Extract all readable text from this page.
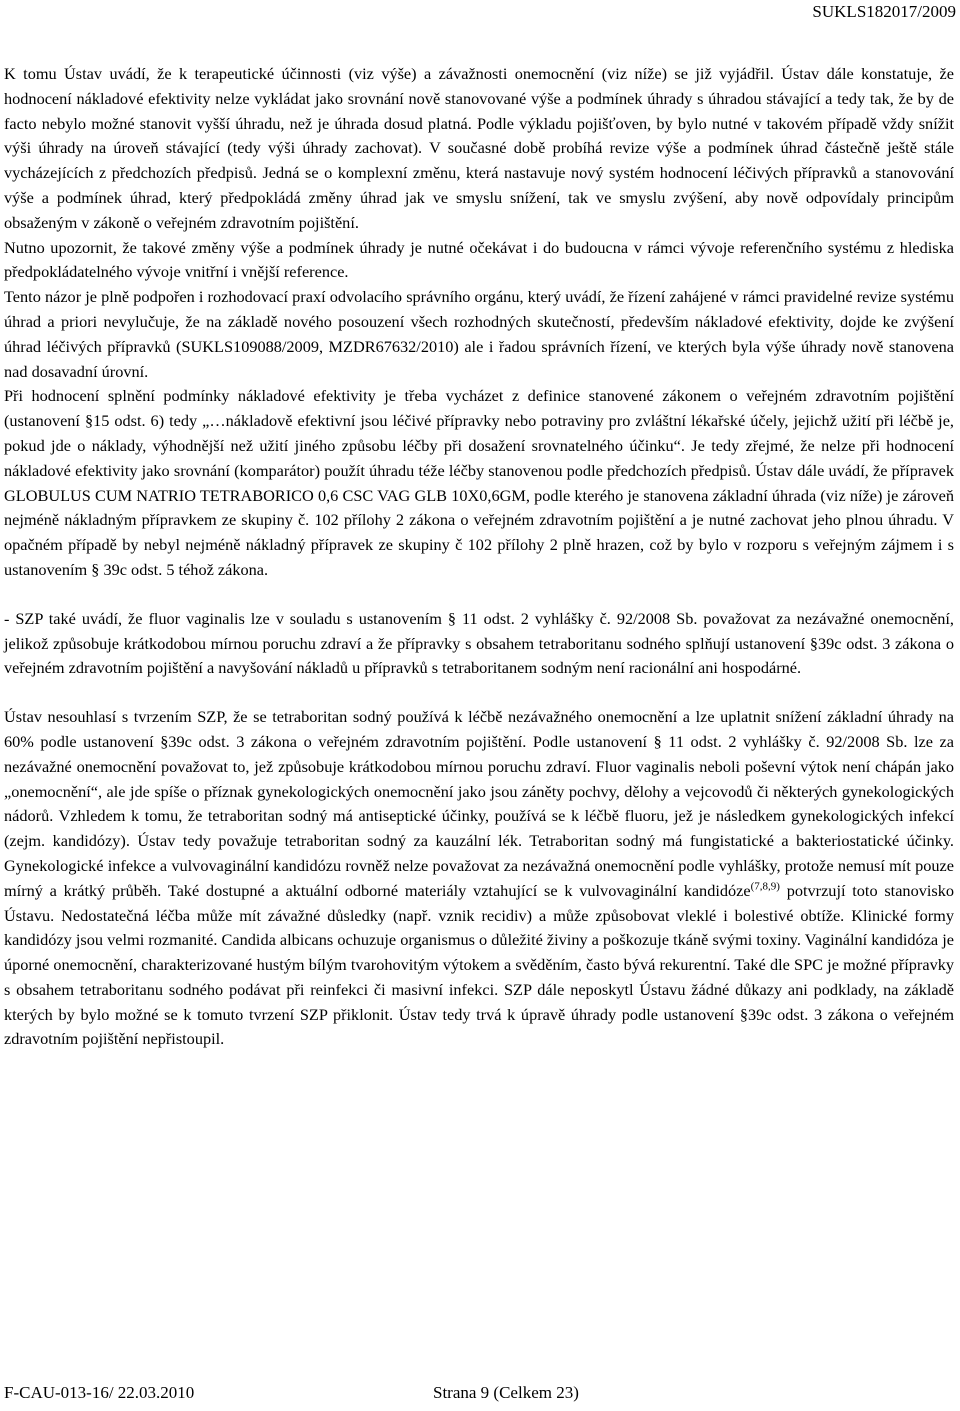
SUKLS182017/2009

K tomu Ústav uvádí, že k terapeutické účinnosti (viz výše) a závažnosti onemocnění (viz níže) se již vyjádřil. Ústav dále konstatuje, že hodnocení nákladové efektivity nelze vykládat jako srovnání nově stanovované výše a podmínek úhrady s úhradou stávající a tedy tak, že by de facto nebylo možné stanovit vyšší úhradu, než je úhrada dosud platná. Podle výkladu pojišťoven, by bylo nutné v takovém případě vždy snížit výši úhrady na úroveň stávající (tedy výši úhrady zachovat). V současné době probíhá revize výše a podmínek úhrad částečně ještě stále vycházejících z předchozích předpisů. Jedná se o komplexní změnu, která nastavuje nový systém hodnocení léčivých přípravků a stanovování výše a podmínek úhrad, který předpokládá změny úhrad jak ve smyslu snížení, tak ve smyslu zvýšení, aby nově odpovídaly principům obsaženým v zákoně o veřejném zdravotním pojištění.

Nutno upozornit, že takové změny výše a podmínek úhrady je nutné očekávat i do budoucna v rámci vývoje referenčního systému z hlediska předpokládatelného vývoje vnitřní i vnější reference.

Tento názor je plně podpořen i rozhodovací praxí odvolacího správního orgánu, který uvádí, že řízení zahájené v rámci pravidelné revize systému úhrad a priori nevylučuje, že na základě nového posouzení všech rozhodných skutečností, především nákladové efektivity, dojde ke zvýšení úhrad léčivých přípravků (SUKLS109088/2009, MZDR67632/2010) ale i řadou správních řízení, ve kterých byla výše úhrady nově stanovena nad dosavadní úrovní.

Při hodnocení splnění podmínky nákladové efektivity je třeba vycházet z definice stanovené zákonem o veřejném zdravotním pojištění (ustanovení §15 odst. 6) tedy „…nákladově efektivní jsou léčivé přípravky nebo potraviny pro zvláštní lékařské účely, jejichž užití při léčbě je, pokud jde o náklady, výhodnější než užití jiného způsobu léčby při dosažení srovnatelného účinku“. Je tedy zřejmé, že nelze při hodnocení nákladové efektivity jako srovnání (komparátor) použít úhradu téže léčby stanovenou podle předchozích předpisů. Ústav dále uvádí, že přípravek GLOBULUS CUM NATRIO TETRABORICO 0,6 CSC VAG GLB 10X0,6GM, podle kterého je stanovena základní úhrada (viz níže) je zároveň nejméně nákladným přípravkem ze skupiny č. 102 přílohy 2 zákona o veřejném zdravotním pojištění a je nutné zachovat jeho plnou úhradu. V opačném případě by nebyl nejméně nákladný přípravek ze skupiny č 102 přílohy 2 plně hrazen, což by bylo v rozporu s veřejným zájmem i s ustanovením § 39c odst. 5 téhož zákona.

- SZP také uvádí, že fluor vaginalis lze v souladu s ustanovením § 11 odst. 2 vyhlášky č. 92/2008 Sb. považovat za nezávažné onemocnění, jelikož způsobuje krátkodobou mírnou poruchu zdraví a že přípravky s obsahem tetraboritanu sodného splňují ustanovení §39c odst. 3 zákona o veřejném zdravotním pojištění a navyšování nákladů u přípravků s tetraboritanem sodným není racionální ani hospodárné.

Ústav nesouhlasí s tvrzením SZP, že se tetraboritan sodný používá k léčbě nezávažného onemocnění a lze uplatnit snížení základní úhrady na 60% podle ustanovení §39c odst. 3 zákona o veřejném zdravotním pojištění. Podle ustanovení § 11 odst. 2 vyhlášky č. 92/2008 Sb. lze za nezávažné onemocnění považovat to, jež způsobuje krátkodobou mírnou poruchu zdraví. Fluor vaginalis neboli poševní výtok není chápán jako „onemocnění“, ale jde spíše o příznak gynekologických onemocnění jako jsou záněty pochvy, dělohy a vejcovodů či některých gynekologických nádorů. Vzhledem k tomu, že tetraboritan sodný má antiseptické účinky, používá se k léčbě fluoru, jež je následkem gynekologických infekcí (zejm. kandidózy). Ústav tedy považuje tetraboritan sodný za kauzální lék. Tetraboritan sodný má fungistatické a bakteriostatické účinky. Gynekologické infekce a vulvovaginální kandidózu rovněž nelze považovat za nezávažná onemocnění podle vyhlášky, protože nemusí mít pouze mírný a krátký průběh. Také dostupné a aktuální odborné materiály vztahující se k vulvovaginální kandidóze$^{(7,8,9)}$ potvrzují toto stanovisko Ústavu. Nedostatečná léčba může mít závažné důsledky (např. vznik recidiv) a může způsobovat vleklé i bolestivé obtíže. Klinické formy kandidózy jsou velmi rozmanité. Candida albicans ochuzuje organismus o důležité živiny a poškozuje tkáně svými toxiny. Vaginální kandidóza je úporné onemocnění, charakterizované hustým bílým tvarohovitým výtokem a svěděním, často bývá rekurentní. Také dle SPC je možné přípravky s obsahem tetraboritanu sodného podávat při reinfekci či masivní infekci. SZP dále neposkytl Ústavu žádné důkazy ani podklady, na základě kterých by bylo možné se k tomuto tvrzení SZP přiklonit. Ústav tedy trvá k úpravě úhrady podle ustanovení §39c odst. 3 zákona o veřejném zdravotním pojištění nepřistoupil.

F-CAU-013-16/ 22.03.2010	Strana 9 (Celkem 23)
